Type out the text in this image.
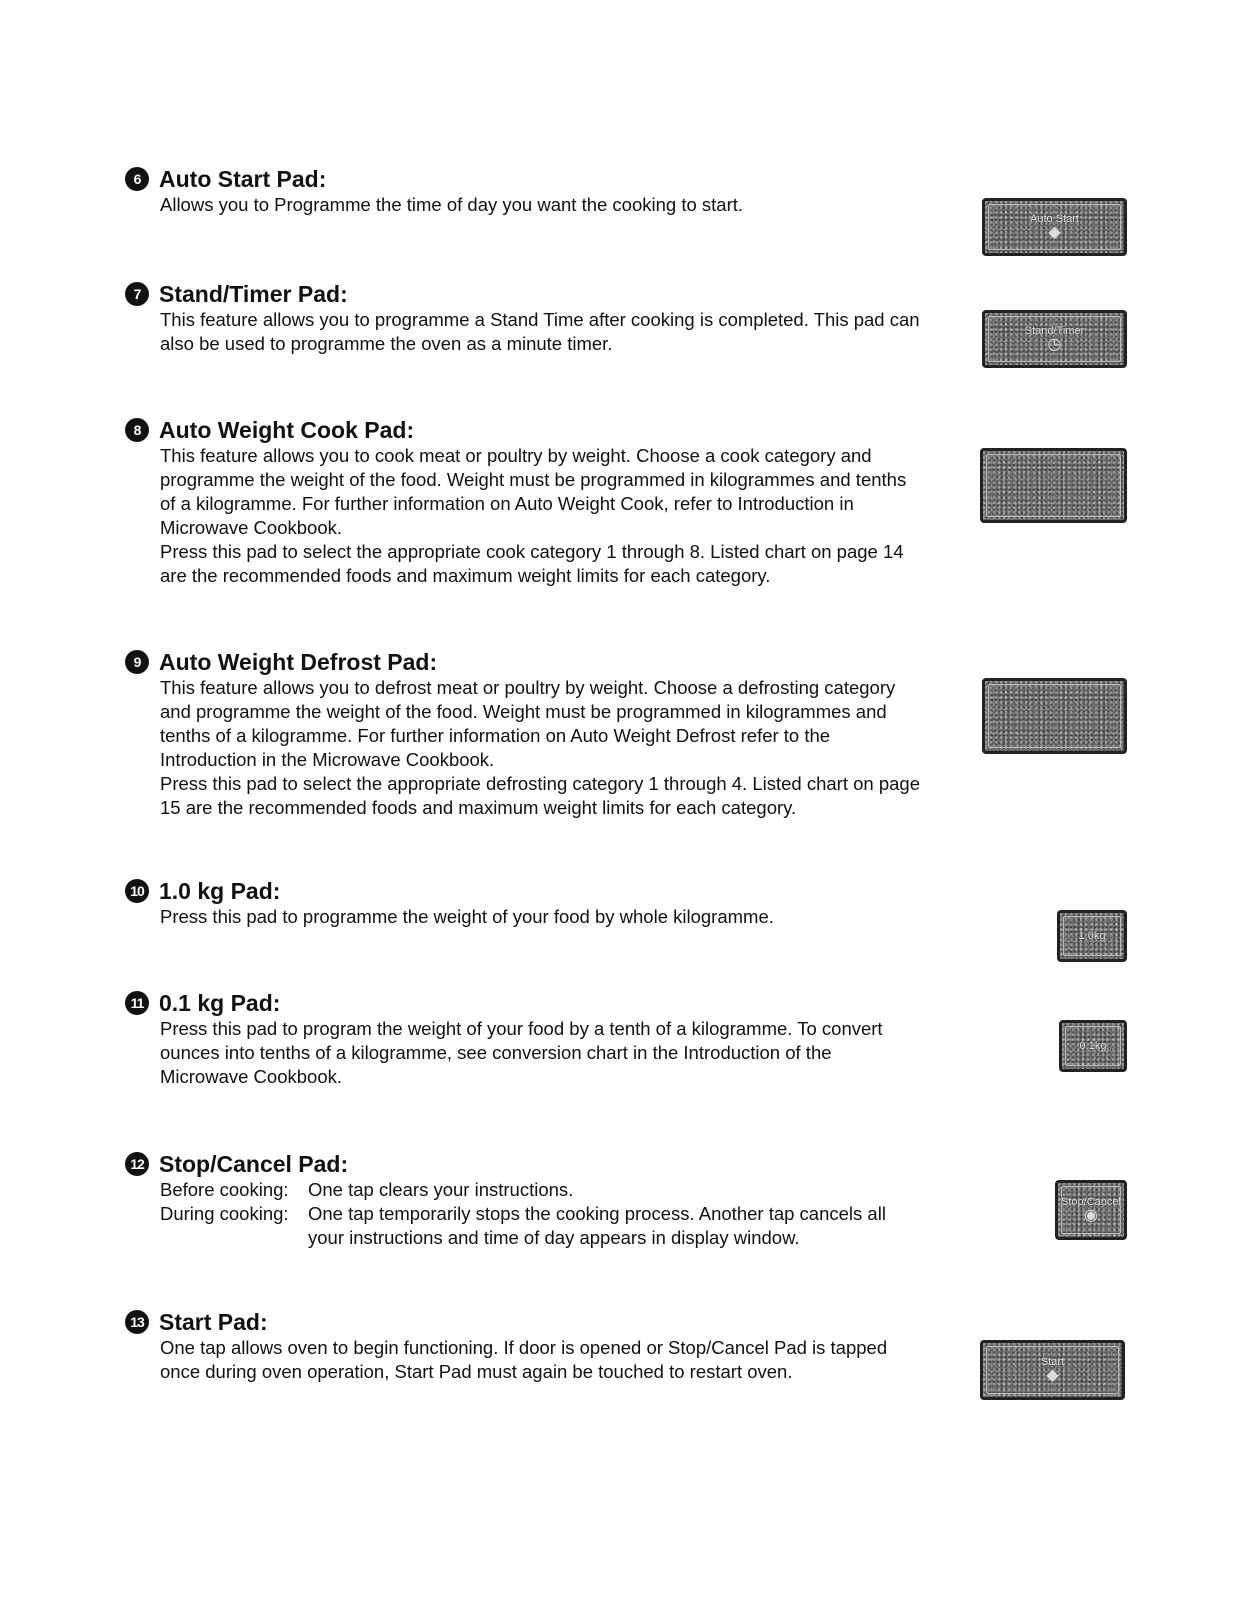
6 Auto Start Pad:

Allows you to Programme the time of day you want the cooking to start.

Auto Start
◆
7 Stand/Timer Pad:

This feature allows you to programme a Stand Time after cooking is completed. This pad can also be used to programme the oven as a minute timer.

Stand/Timer
◷
8 Auto Weight Cook Pad:

This feature allows you to cook meat or poultry by weight. Choose a cook category and programme the weight of the food. Weight must be programmed in kilogrammes and tenths of a kilogramme. For further information on Auto Weight Cook, refer to Introduction in Microwave Cookbook.

Press this pad to select the appropriate cook category 1 through 8. Listed chart on page 14 are the recommended foods and maximum weight limits for each category.

9 Auto Weight Defrost Pad:

This feature allows you to defrost meat or poultry by weight. Choose a defrosting category and programme the weight of the food. Weight must be programmed in kilogrammes and tenths of a kilogramme. For further information on Auto Weight Defrost refer to the Introduction in the Microwave Cookbook.

Press this pad to select the appropriate defrosting category 1 through 4. Listed chart on page 15 are the recommended foods and maximum weight limits for each category.

10 1.0 kg Pad:

Press this pad to programme the weight of your food by whole kilogramme.

1.0kg
11 0.1 kg Pad:

Press this pad to program the weight of your food by a tenth of a kilogramme. To convert ounces into tenths of a kilogramme, see conversion chart in the Introduction of the Microwave Cookbook.

0.1kg
12 Stop/Cancel Pad:
Before cooking:	One tap clears your instructions.
During cooking:	One tap temporarily stops the cooking process. Another tap cancels all your instructions and time of day appears in display window.
Stop/Cancel
◉
13 Start Pad:

One tap allows oven to begin functioning. If door is opened or Stop/Cancel Pad is tapped once during oven operation, Start Pad must again be touched to restart oven.	Start
◆
